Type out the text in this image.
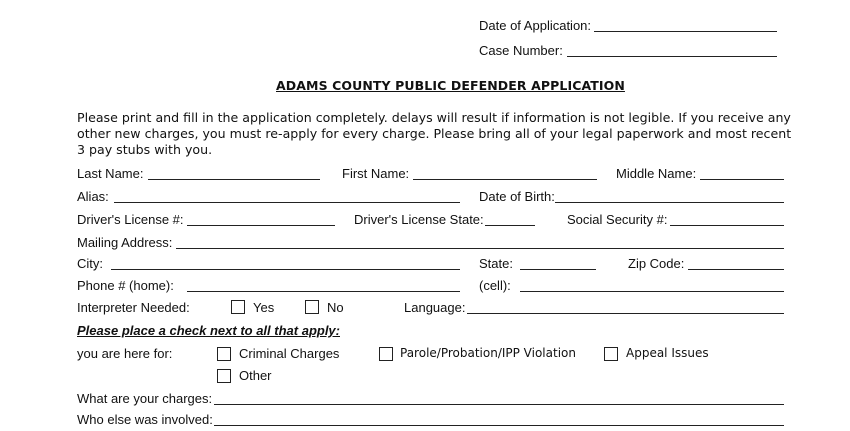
Date of Application:
Case Number:
ADAMS COUNTY PUBLIC DEFENDER APPLICATION
Please print and fill in the application completely. delays will result if information is not legible. If you receive any other new charges, you must re-apply for every charge. Please bring all of your legal paperwork and most recent 3 pay stubs with you.
Last Name:	First Name:	Middle Name:
Alias:	Date of Birth:
Driver's License #:	Driver's License State:	Social Security #:
Mailing Address:
City:	State:	Zip Code:
Phone # (home):	(cell):
Interpreter Needed:	Yes	No	Language:
Please place a check next to all that apply:
you are here for:	Criminal Charges	Parole/Probation/IPP Violation	Appeal Issues
Other
What are your charges:
Who else was involved:
